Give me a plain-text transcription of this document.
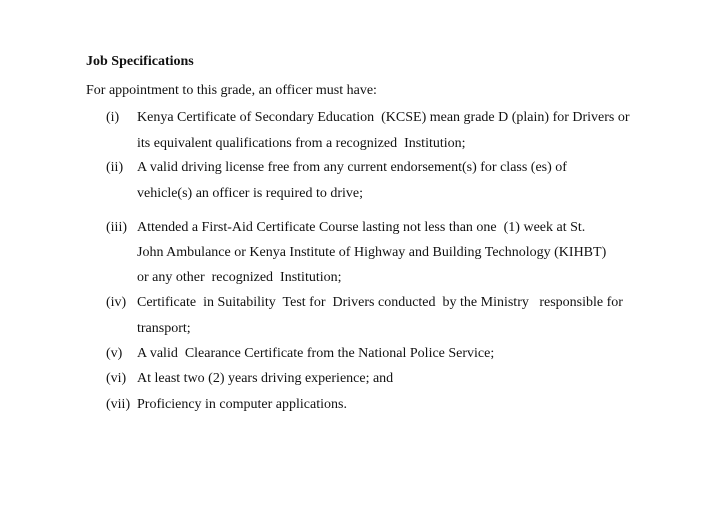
Job Specifications
For appointment to this grade, an officer must have:
(i) Kenya Certificate of Secondary Education  (KCSE) mean grade D (plain) for Drivers or
its equivalent qualifications from a recognized  Institution;
(ii) A valid driving license free from any current endorsement(s) for class (es) of
vehicle(s) an officer is required to drive;
(iii) Attended a First-Aid Certificate Course lasting not less than one  (1) week at St.
John Ambulance or Kenya Institute of Highway and Building Technology (KIHBT)
or any other  recognized  Institution;
(iv) Certificate  in Suitability  Test for  Drivers conducted  by the Ministry   responsible for
transport;
(v) A valid  Clearance Certificate from the National Police Service;
(vi) At least two (2) years driving experience; and
(vii) Proficiency in computer applications.
